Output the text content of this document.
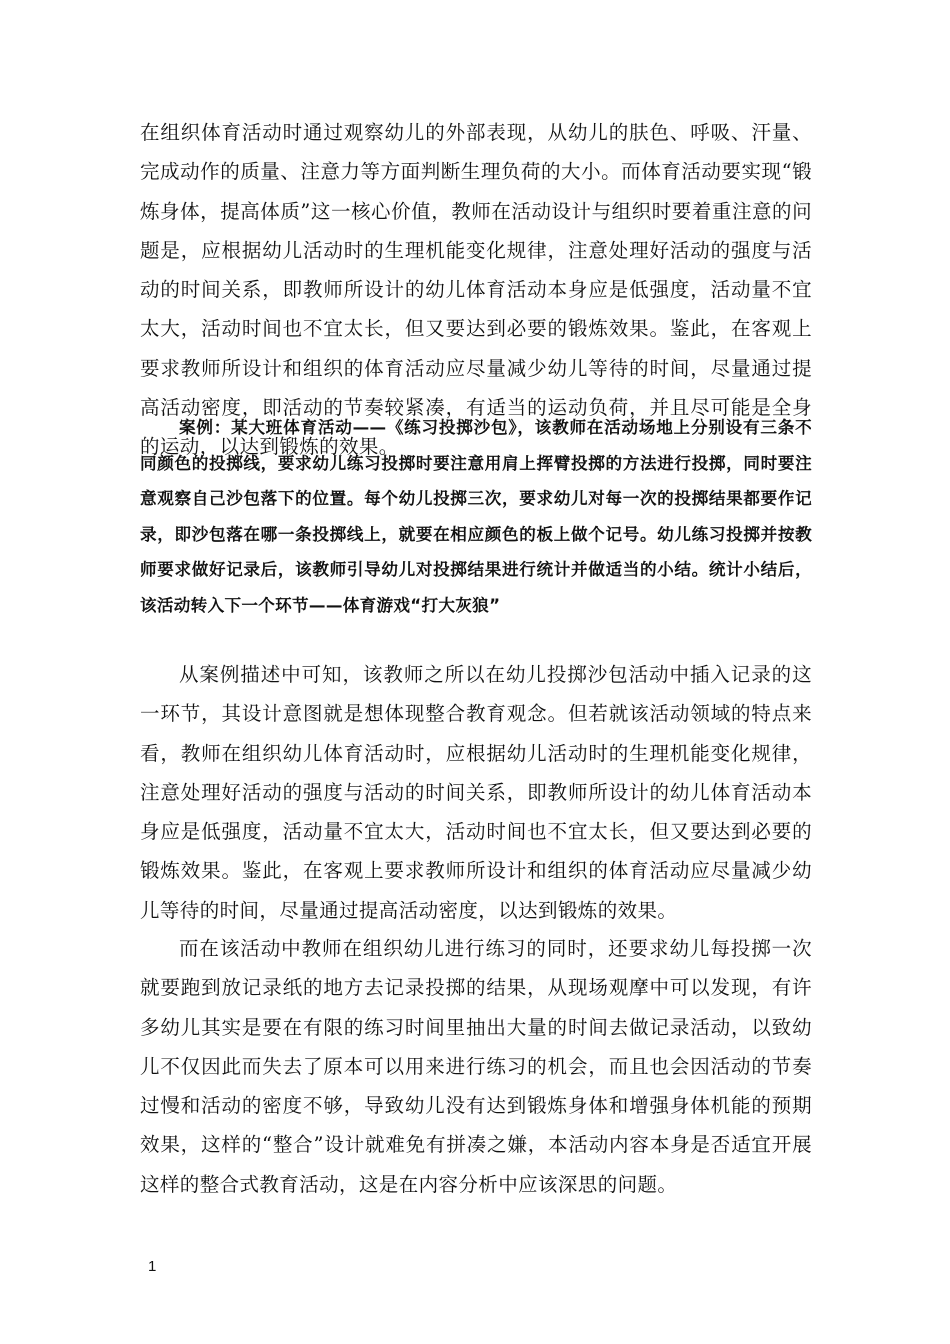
在组织体育活动时通过观察幼儿的外部表现，从幼儿的肤色、呼吸、汗量、完成动作的质量、注意力等方面判断生理负荷的大小。而体育活动要实现“锻炼身体，提高体质”这一核心价值，教师在活动设计与组织时要着重注意的问题是，应根据幼儿活动时的生理机能变化规律，注意处理好活动的强度与活动的时间关系，即教师所设计的幼儿体育活动本身应是低强度，活动量不宜太大，活动时间也不宜太长，但又要达到必要的锻炼效果。鉴此，在客观上要求教师所设计和组织的体育活动应尽量减少幼儿等待的时间，尽量通过提高活动密度，即活动的节奏较紧凑，有适当的运动负荷，并且尽可能是全身的运动，以达到锻炼的效果。

案例：某大班体育活动——《练习投掷沙包》，该教师在活动场地上分别设有三条不同颜色的投掷线，要求幼儿练习投掷时要注意用肩上挥臂投掷的方法进行投掷，同时要注意观察自己沙包落下的位置。每个幼儿投掷三次，要求幼儿对每一次的投掷结果都要作记录，即沙包落在哪一条投掷线上，就要在相应颜色的板上做个记号。幼儿练习投掷并按教师要求做好记录后，该教师引导幼儿对投掷结果进行统计并做适当的小结。统计小结后，该活动转入下一个环节——体育游戏“打大灰狼”

从案例描述中可知，该教师之所以在幼儿投掷沙包活动中插入记录的这一环节，其设计意图就是想体现整合教育观念。但若就该活动领域的特点来看，教师在组织幼儿体育活动时，应根据幼儿活动时的生理机能变化规律，注意处理好活动的强度与活动的时间关系，即教师所设计的幼儿体育活动本身应是低强度，活动量不宜太大，活动时间也不宜太长，但又要达到必要的锻炼效果。鉴此，在客观上要求教师所设计和组织的体育活动应尽量减少幼儿等待的时间，尽量通过提高活动密度，以达到锻炼的效果。

而在该活动中教师在组织幼儿进行练习的同时，还要求幼儿每投掷一次就要跑到放记录纸的地方去记录投掷的结果，从现场观摩中可以发现，有许多幼儿其实是要在有限的练习时间里抽出大量的时间去做记录活动，以致幼儿不仅因此而失去了原本可以用来进行练习的机会，而且也会因活动的节奏过慢和活动的密度不够，导致幼儿没有达到锻炼身体和增强身体机能的预期效果，这样的“整合”设计就难免有拼凑之嫌，本活动内容本身是否适宜开展这样的整合式教育活动，这是在内容分析中应该深思的问题。

1
